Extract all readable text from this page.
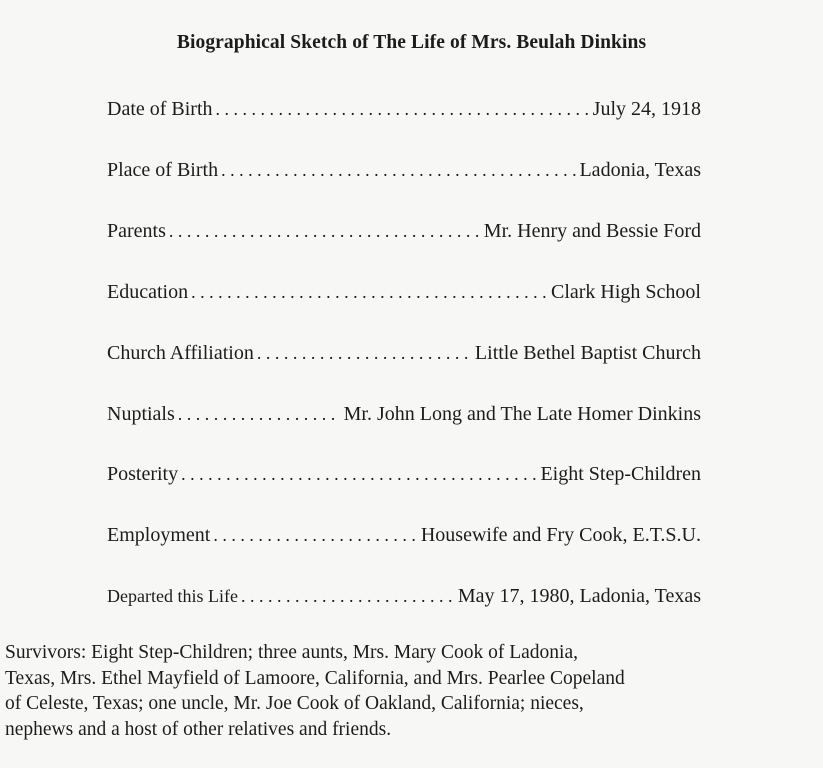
Biographical Sketch of The Life of Mrs. Beulah Dinkins
Date of Birth . . .	July 24, 1918
Place of Birth . . .	Ladonia, Texas
Parents . . .	Mr. Henry and Bessie Ford
Education . . .	Clark High School
Church Affiliation . . .	Little Bethel Baptist Church
Nuptials . . .	Mr. John Long and The Late Homer Dinkins
Posterity . . .	Eight Step-Children
Employment . . .	Housewife and Fry Cook, E.T.S.U.
Departed this Life . . .	May 17, 1980, Ladonia, Texas
Survivors: Eight Step-Children; three aunts, Mrs. Mary Cook of Ladonia,
Texas, Mrs. Ethel Mayfield of Lamoore, California, and Mrs. Pearlee Copeland
of Celeste, Texas; one uncle, Mr. Joe Cook of Oakland, California; nieces,
nephews and a host of other relatives and friends.
